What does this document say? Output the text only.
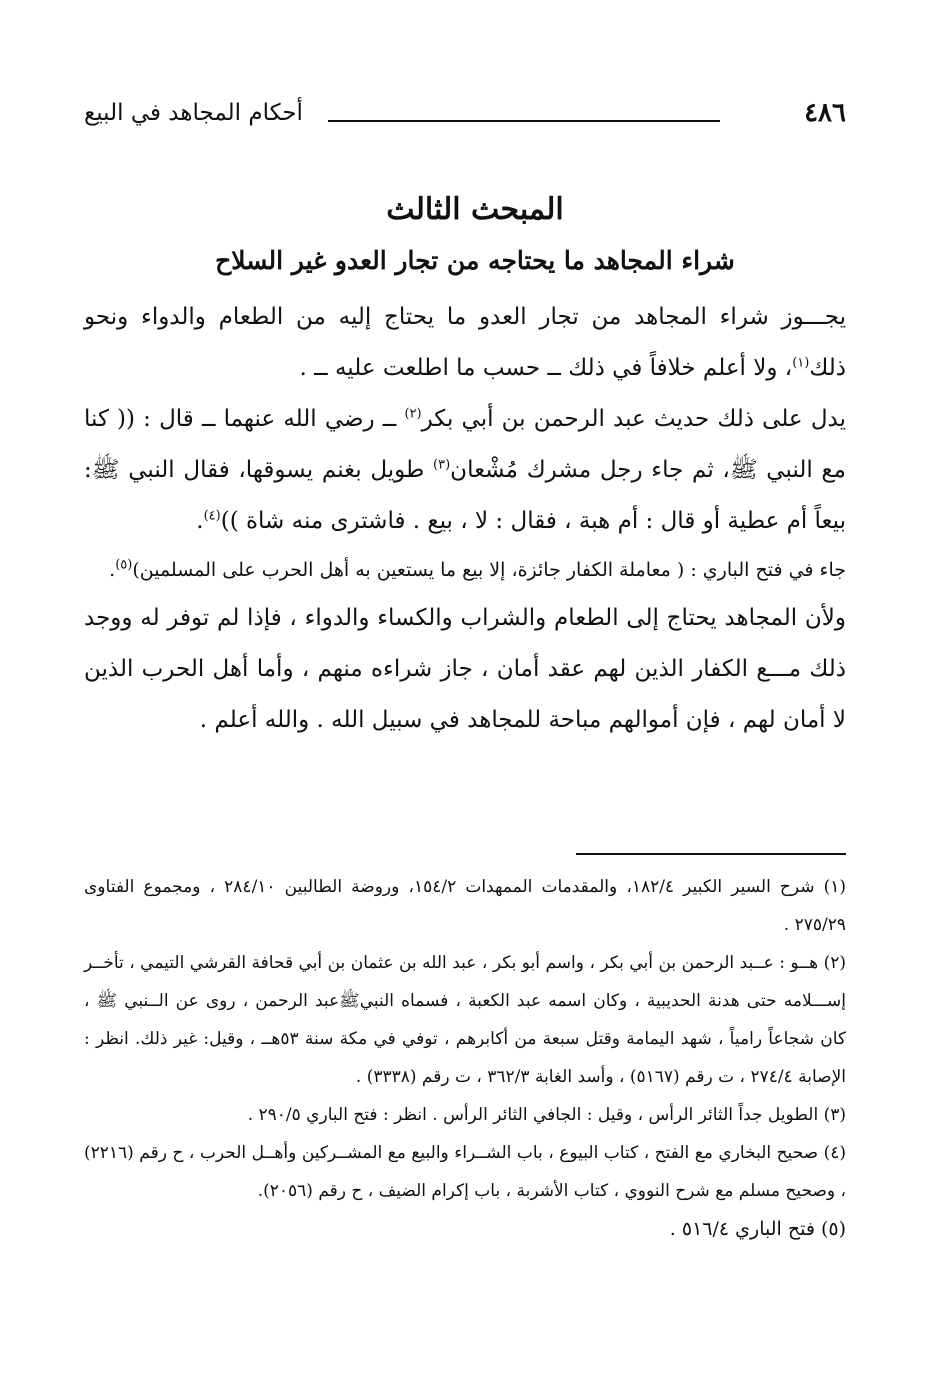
٤٨٦
أحكام المجاهد في البيع
المبحث الثالث
شراء المجاهد ما يحتاجه من تجار العدو غير السلاح

يجـــوز شراء المجاهد من تجار العدو ما يحتاج إليه من الطعام والدواء ونحو ذلك$^{(١)}$، ولا أعلم خلافاً في ذلك ــ حسب ما اطلعت عليه ــ .

يدل على ذلك حديث عبد الرحمن بن أبي بكر$^{(٢)}$ ــ رضي الله عنهما ــ قال : (( كنا مع النبي ﷺ، ثم جاء رجل مشرك مُشْعان$^{(٣)}$ طويل بغنم يسوقها، فقال النبي ﷺ: بيعاً أم عطية أو قال : أم هبة ، فقال : لا ، بيع . فاشترى منه شاة ))$^{(٤)}$.

جاء في فتح الباري : ( معاملة الكفار جائزة، إلا بيع ما يستعين به أهل الحرب على المسلمين)$^{(٥)}$.

ولأن المجاهد يحتاج إلى الطعام والشراب والكساء والدواء ، فإذا لم توفر له ووجد ذلك مـــع الكفار الذين لهم عقد أمان ، جاز شراءه منهم ، وأما أهل الحرب الذين لا أمان لهم ، فإن أموالهم مباحة للمجاهد في سبيل الله . والله أعلم .

(١) شرح السير الكبير ١٨٢/٤، والمقدمات الممهدات ١٥٤/٢، وروضة الطالبين ٢٨٤/١٠ ، ومجموع الفتاوى ٢٧٥/٢٩ .

(٢) هــو : عــبد الرحمن بن أبي بكر ، واسم أبو بكر ، عبد الله بن عثمان بن أبي قحافة القرشي التيمي ، تأخــر إســـلامه حتى هدنة الحديبية ، وكان اسمه عبد الكعبة ، فسماه النبيﷺعبد الرحمن ، روى عن الــنبي ﷺ ، كان شجاعاً رامياً ، شهد اليمامة وقتل سبعة من أكابرهم ، توفي في مكة سنة ٥٣هــ ، وقيل: غير ذلك. انظر : الإصابة ٢٧٤/٤ ، ت رقم (٥١٦٧) ، وأسد الغابة ٣٦٢/٣ ، ت رقم (٣٣٣٨) .

(٣) الطويل جداً الثائر الرأس ، وقيل : الجافي الثائر الرأس . انظر : فتح الباري ٢٩٠/٥ .

(٤) صحيح البخاري مع الفتح ، كتاب البيوع ، باب الشــراء والبيع مع المشــركين وأهــل الحرب ، ح رقم (٢٢١٦) ، وصحيح مسلم مع شرح النووي ، كتاب الأشربة ، باب إكرام الضيف ، ح رقم (٢٠٥٦).

(٥) فتح الباري ٥١٦/٤ .
